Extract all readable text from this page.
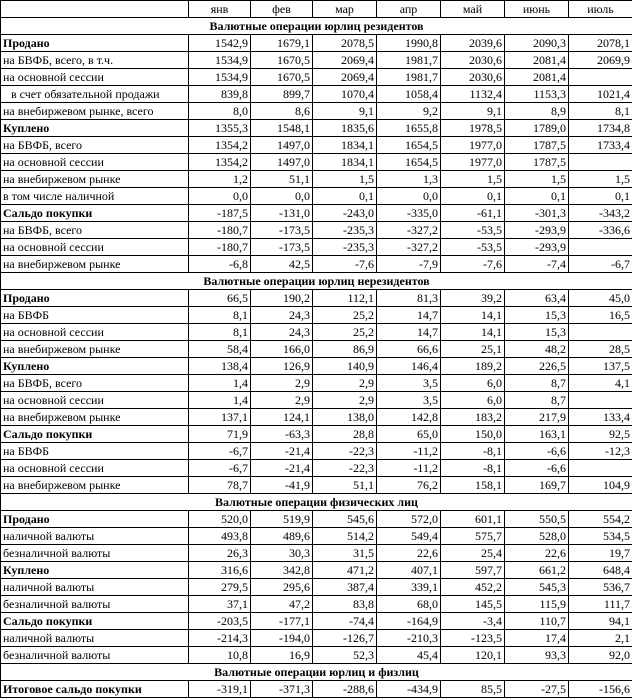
	янв	фев	мар	апр	май	июнь	июль
Валютные операции юрлиц резидентов							
Продано	1542,9	1679,1	2078,5	1990,8	2039,6	2090,3	2078,1
на БВФБ, всего, в т.ч.	1534,9	1670,5	2069,4	1981,7	2030,6	2081,4	2069,9
на основной сессии	1534,9	1670,5	2069,4	1981,7	2030,6	2081,4	
в счет обязательной продажи	839,8	899,7	1070,4	1058,4	1132,4	1153,3	1021,4
на внебиржевом рынке, всего	8,0	8,6	9,1	9,2	9,1	8,9	8,1
Куплено	1355,3	1548,1	1835,6	1655,8	1978,5	1789,0	1734,8
на БВФБ, всего	1354,2	1497,0	1834,1	1654,5	1977,0	1787,5	1733,4
на основной сессии	1354,2	1497,0	1834,1	1654,5	1977,0	1787,5	
на внебиржевом рынке	1,2	51,1	1,5	1,3	1,5	1,5	1,5
в том числе наличной	0,0	0,0	0,1	0,0	0,1	0,1	0,1
Сальдо покупки	-187,5	-131,0	-243,0	-335,0	-61,1	-301,3	-343,2
на БВФБ, всего	-180,7	-173,5	-235,3	-327,2	-53,5	-293,9	-336,6
на основной сессии	-180,7	-173,5	-235,3	-327,2	-53,5	-293,9	
на внебиржевом рынке	-6,8	42,5	-7,6	-7,9	-7,6	-7,4	-6,7
Валютные операции юрлиц нерезидентов							
Продано	66,5	190,2	112,1	81,3	39,2	63,4	45,0
на БВФБ	8,1	24,3	25,2	14,7	14,1	15,3	16,5
на основной сессии	8,1	24,3	25,2	14,7	14,1	15,3	
на внебиржевом рынке	58,4	166,0	86,9	66,6	25,1	48,2	28,5
Куплено	138,4	126,9	140,9	146,4	189,2	226,5	137,5
на БВФБ, всего	1,4	2,9	2,9	3,5	6,0	8,7	4,1
на основной сессии	1,4	2,9	2,9	3,5	6,0	8,7	
на внебиржевом рынке	137,1	124,1	138,0	142,8	183,2	217,9	133,4
Сальдо покупки	71,9	-63,3	28,8	65,0	150,0	163,1	92,5
на БВФБ	-6,7	-21,4	-22,3	-11,2	-8,1	-6,6	-12,3
на основной сессии	-6,7	-21,4	-22,3	-11,2	-8,1	-6,6	
на внебиржевом рынке	78,7	-41,9	51,1	76,2	158,1	169,7	104,9
Валютные операции физических лиц							
Продано	520,0	519,9	545,6	572,0	601,1	550,5	554,2
наличной валюты	493,8	489,6	514,2	549,4	575,7	528,0	534,5
безналичной валюты	26,3	30,3	31,5	22,6	25,4	22,6	19,7
Куплено	316,6	342,8	471,2	407,1	597,7	661,2	648,4
наличной валюты	279,5	295,6	387,4	339,1	452,2	545,3	536,7
безналичной валюты	37,1	47,2	83,8	68,0	145,5	115,9	111,7
Сальдо покупки	-203,5	-177,1	-74,4	-164,9	-3,4	110,7	94,1
наличной валюты	-214,3	-194,0	-126,7	-210,3	-123,5	17,4	2,1
безналичной валюты	10,8	16,9	52,3	45,4	120,1	93,3	92,0
Валютные операции юрлиц и физлиц							
Итоговое сальдо покупки	-319,1	-371,3	-288,6	-434,9	85,5	-27,5	-156,6
